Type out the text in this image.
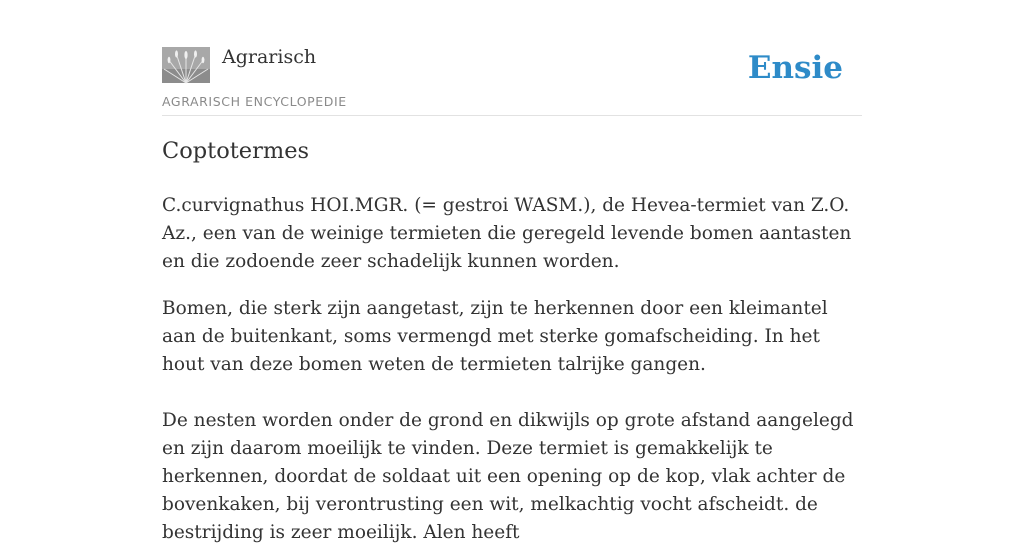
Agrarisch
AGRARISCH ENCYCLOPEDIE
Ensie
Coptotermes

C.curvignathus HOI.MGR. (= gestroi WASM.), de Hevea-termiet van Z.O. Az., een van de weinige termieten die geregeld levende bomen aantasten en die zodoende zeer schadelijk kunnen worden.

Bomen, die sterk zijn aangetast, zijn te herkennen door een kleimantel aan de buitenkant, soms vermengd met sterke gomafscheiding. In het hout van deze bomen weten de termieten talrijke gangen.

De nesten worden onder de grond en dikwijls op grote afstand aangelegd en zijn daarom moeilijk te vinden. Deze termiet is gemakkelijk te herkennen, doordat de soldaat uit een opening op de kop, vlak achter de bovenkaken, bij verontrusting een wit, melkachtig vocht afscheidt. de bestrijding is zeer moeilijk. Alen heeft
